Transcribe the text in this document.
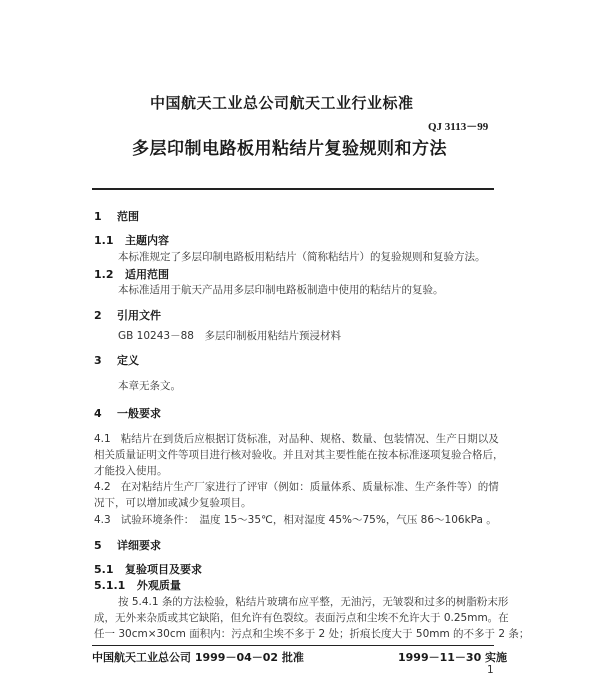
中国航天工业总公司航天工业行业标准
QJ 3113－99
多层印制电路板用粘结片复验规则和方法
1 范围
1.1 主题内容
本标准规定了多层印制电路板用粘结片（简称粘结片）的复验规则和复验方法。
1.2 适用范围
本标准适用于航天产品用多层印制电路板制造中使用的粘结片的复验。
2 引用文件
GB 10243－88　多层印制板用粘结片预浸材料
3 定义
本章无条文。
4 一般要求
4.1 粘结片在到货后应根据订货标准，对品种、规格、数量、包装情况、生产日期以及
相关质量证明文件等项目进行核对验收。并且对其主要性能在按本标准逐项复验合格后，
才能投入使用。
4.2 在对粘结片生产厂家进行了评审（例如：质量体系、质量标准、生产条件等）的情
况下，可以增加或减少复验项目。
4.3 试验环境条件：　温度 15～35℃，相对湿度 45%～75%，气压 86～106kPa 。
5 详细要求
5.1 复验项目及要求
5.1.1 外观质量
按 5.4.1 条的方法检验，粘结片玻璃布应平整，无油污，无皱裂和过多的树脂粉末形
成，无外来杂质或其它缺陷，但允许有色裂纹。表面污点和尘埃不允许大于 0.25mm。在
任一 30cm×30cm 面积内：污点和尘埃不多于 2 处；折痕长度大于 50mm 的不多于 2 条；
中国航天工业总公司 1999－04－02 批准	1999－11－30 实施
1
